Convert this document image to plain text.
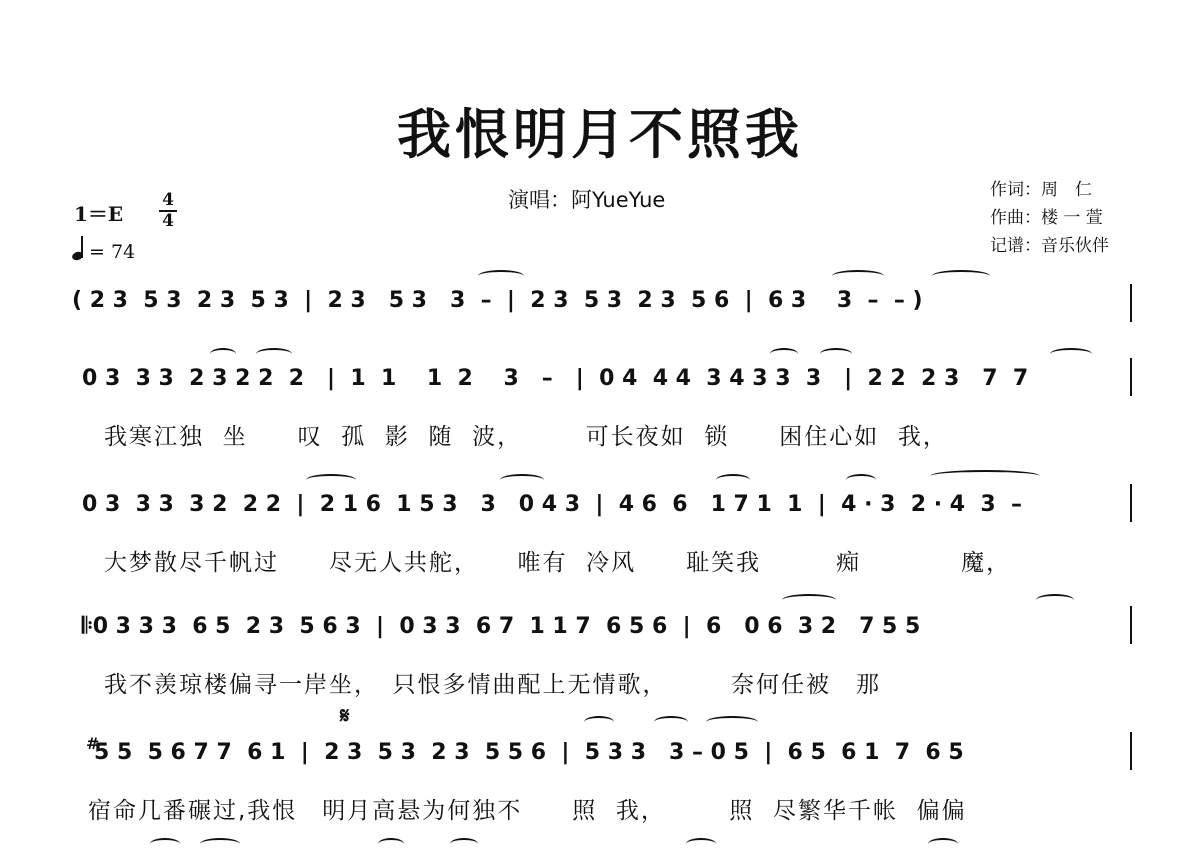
我恨明月不照我
演唱：阿YueYue	作词：周　仁
作曲：楼 一 萱
记谱：音乐伙伴
1＝E
4
4
= 74
( 2 3  5 3  2 3  5 3  |  2 3   5 3   3  –  |  2 3  5 3  2 3  5 6  |  6 3    3  –  – )
0 3  3 3  2 3 2 2  2   |  1  1    1  2    3   –   |  0 4  4 4  3 4 3 3  3   |  2 2  2 3   7  7
我寒江独  坐　　叹  孤  影  随  波，　　　可长夜如  锁　　困住心如  我，
0 3  3 3  3 2  2 2  |  2 1 6  1 5 3   3   0 4 3  |  4 6  6   1 7 1  1  |  4 · 3  2 · 4  3  –
大梦散尽千帆过　　尽无人共舵，　　唯有  冷风　　耻笑我　　　痴　　　　魔，
𝄆0 3 3 3  6 5  2 3  5 6 3  |  0 3 3  6 7  1 1 7  6 5 6  |  6   0 6  3 2   7 5 5
我不羡琼楼偏寻一岸坐，　只恨多情曲配上无情歌，　　　奈何任被　那
𝄋
#
5 5  5 6 7 7  6 1  |  2 3  5 3  2 3  5 5 6  |  5 3 3   3 – 0 5  |  6 5  6 1  7  6 5
宿命几番碾过,我恨　明月高悬为何独不　　照  我，　　　照  尽繁华千帐  偏偏
